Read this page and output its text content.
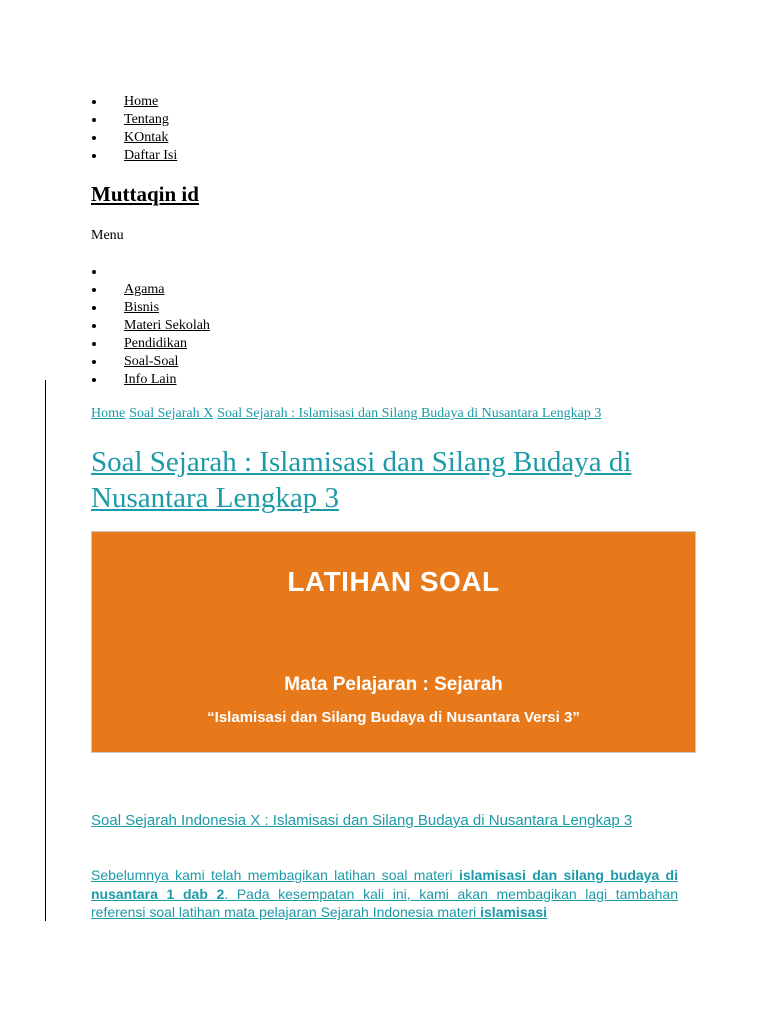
Home
Tentang
KOntak
Daftar Isi
Muttaqin id
Menu
Agama
Bisnis
Materi Sekolah
Pendidikan
Soal-Soal
Info Lain
Home Soal Sejarah X Soal Sejarah : Islamisasi dan Silang Budaya di Nusantara Lengkap 3
Soal Sejarah : Islamisasi dan Silang Budaya di Nusantara Lengkap 3
LATIHAN SOAL
Mata Pelajaran : Sejarah
“Islamisasi dan Silang Budaya di Nusantara Versi 3”
Soal Sejarah Indonesia X : Islamisasi dan Silang Budaya di Nusantara Lengkap 3

Sebelumnya kami telah membagikan latihan soal materi islamisasi dan silang budaya di nusantara 1 dab 2. Pada kesempatan kali ini, kami akan membagikan lagi tambahan referensi soal latihan mata pelajaran Sejarah Indonesia materi islamisasi
